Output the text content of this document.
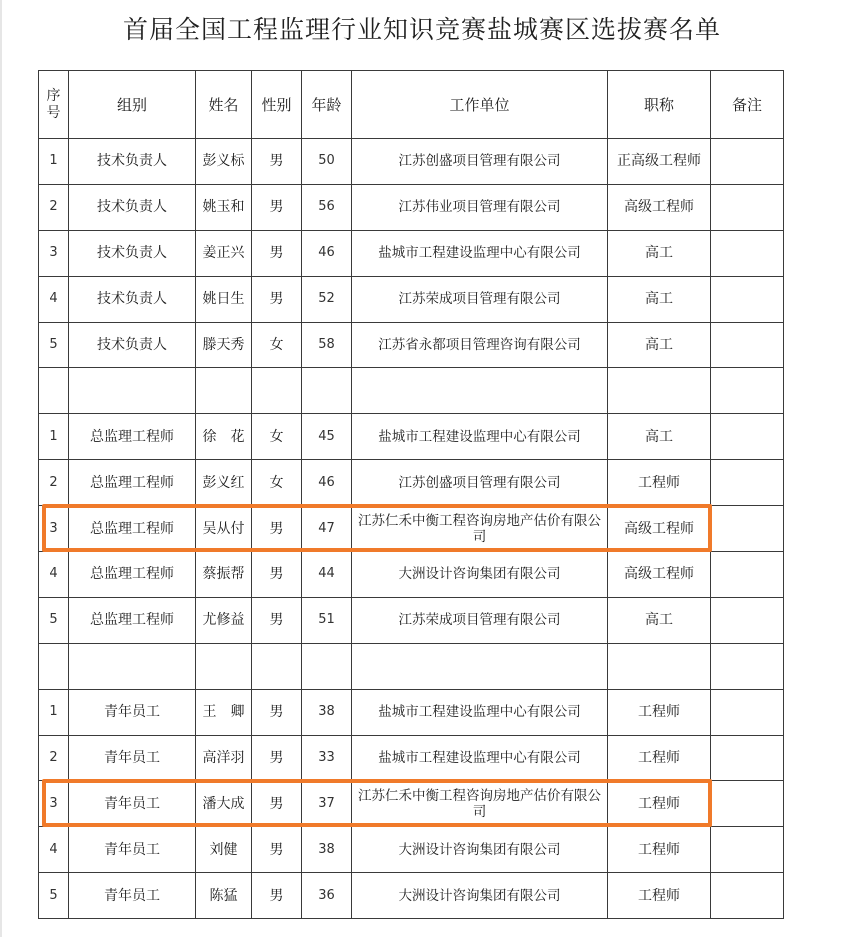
首届全国工程监理行业知识竞赛盐城赛区选拔赛名单
序号	组别	姓名	性别	年龄	工作单位	职称	备注
1	技术负责人	彭义标	男	50	江苏创盛项目管理有限公司	正高级工程师	
2	技术负责人	姚玉和	男	56	江苏伟业项目管理有限公司	高级工程师	
3	技术负责人	姜正兴	男	46	盐城市工程建设监理中心有限公司	高工	
4	技术负责人	姚日生	男	52	江苏荣成项目管理有限公司	高工	
5	技术负责人	滕天秀	女	58	江苏省永都项目管理咨询有限公司	高工	

1	总监理工程师	徐　花	女	45	盐城市工程建设监理中心有限公司	高工	
2	总监理工程师	彭义红	女	46	江苏创盛项目管理有限公司	工程师	
3	总监理工程师	吴从付	男	47	江苏仁禾中衡工程咨询房地产估价有限公司	高级工程师	
4	总监理工程师	蔡振帮	男	44	大洲设计咨询集团有限公司	高级工程师	
5	总监理工程师	尤修益	男	51	江苏荣成项目管理有限公司	高工	

1	青年员工	王　卿	男	38	盐城市工程建设监理中心有限公司	工程师	
2	青年员工	高洋羽	男	33	盐城市工程建设监理中心有限公司	工程师	
3	青年员工	潘大成	男	37	江苏仁禾中衡工程咨询房地产估价有限公司	工程师	
4	青年员工	刘健	男	38	大洲设计咨询集团有限公司	工程师	
5	青年员工	陈猛	男	36	大洲设计咨询集团有限公司	工程师	
